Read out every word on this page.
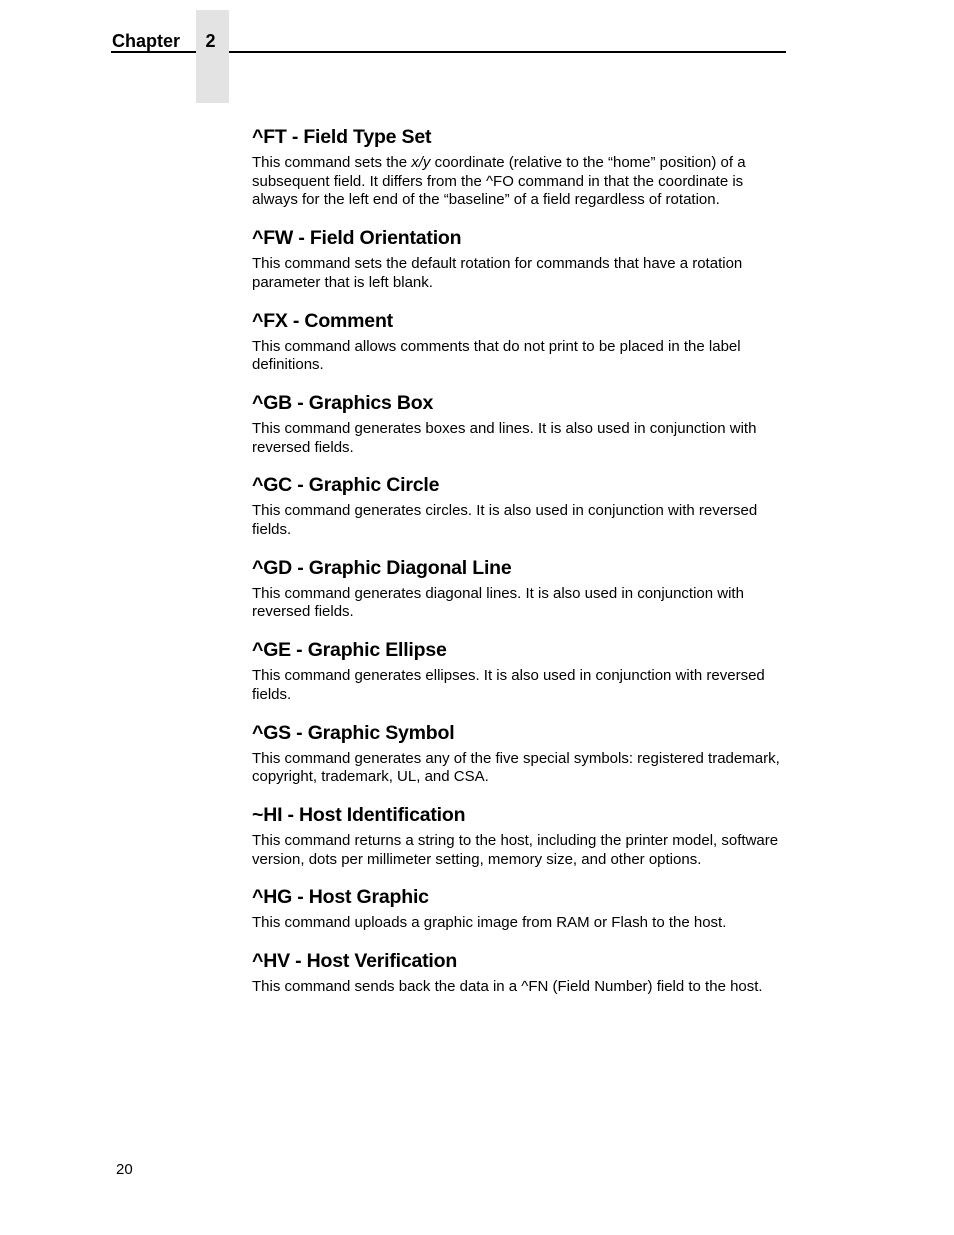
Chapter	2
^FT - Field Type Set

This command sets the x/y coordinate (relative to the “home” position) of a subsequent field. It differs from the ^FO command in that the coordinate is always for the left end of the “baseline” of a field regardless of rotation.

^FW - Field Orientation

This command sets the default rotation for commands that have a rotation parameter that is left blank.

^FX - Comment

This command allows comments that do not print to be placed in the label definitions.

^GB - Graphics Box

This command generates boxes and lines. It is also used in conjunction with reversed fields.

^GC - Graphic Circle

This command generates circles. It is also used in conjunction with reversed fields.

^GD - Graphic Diagonal Line

This command generates diagonal lines. It is also used in conjunction with reversed fields.

^GE - Graphic Ellipse

This command generates ellipses. It is also used in conjunction with reversed fields.

^GS - Graphic Symbol

This command generates any of the five special symbols: registered trademark, copyright, trademark, UL, and CSA.

~HI - Host Identification

This command returns a string to the host, including the printer model, software version, dots per millimeter setting, memory size, and other options.

^HG - Host Graphic

This command uploads a graphic image from RAM or Flash to the host.

^HV - Host Verification

This command sends back the data in a ^FN (Field Number) field to the host.

20
